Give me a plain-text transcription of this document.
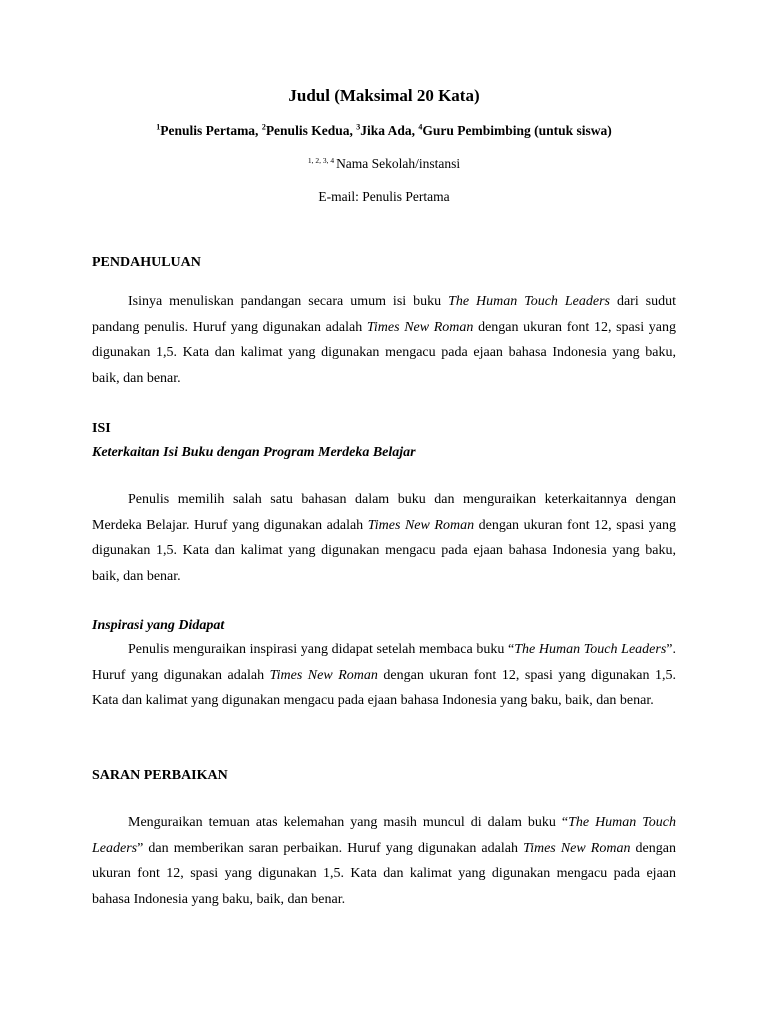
Judul (Maksimal 20 Kata)
$^1$Penulis Pertama, $^2$Penulis Kedua, $^3$Jika Ada, $^4$Guru Pembimbing (untuk siswa)
$^{1, 2, 3, 4}$ Nama Sekolah/instansi
E-mail: Penulis Pertama
PENDAHULUAN

Isinya menuliskan pandangan secara umum isi buku The Human Touch Leaders dari sudut pandang penulis. Huruf yang digunakan adalah Times New Roman dengan ukuran font 12, spasi yang digunakan 1,5. Kata dan kalimat yang digunakan mengacu pada ejaan bahasa Indonesia yang baku, baik, dan benar.

ISI
Keterkaitan Isi Buku dengan Program Merdeka Belajar

Penulis memilih salah satu bahasan dalam buku dan menguraikan keterkaitannya dengan Merdeka Belajar. Huruf yang digunakan adalah Times New Roman dengan ukuran font 12, spasi yang digunakan 1,5. Kata dan kalimat yang digunakan mengacu pada ejaan bahasa Indonesia yang baku, baik, dan benar.

Inspirasi yang Didapat

Penulis menguraikan inspirasi yang didapat setelah membaca buku “The Human Touch Leaders”. Huruf yang digunakan adalah Times New Roman dengan ukuran font 12, spasi yang digunakan 1,5. Kata dan kalimat yang digunakan mengacu pada ejaan bahasa Indonesia yang baku, baik, dan benar.

SARAN PERBAIKAN

Menguraikan temuan atas kelemahan yang masih muncul di dalam buku “The Human Touch Leaders” dan memberikan saran perbaikan. Huruf yang digunakan adalah Times New Roman dengan ukuran font 12, spasi yang digunakan 1,5. Kata dan kalimat yang digunakan mengacu pada ejaan bahasa Indonesia yang baku, baik, dan benar.
